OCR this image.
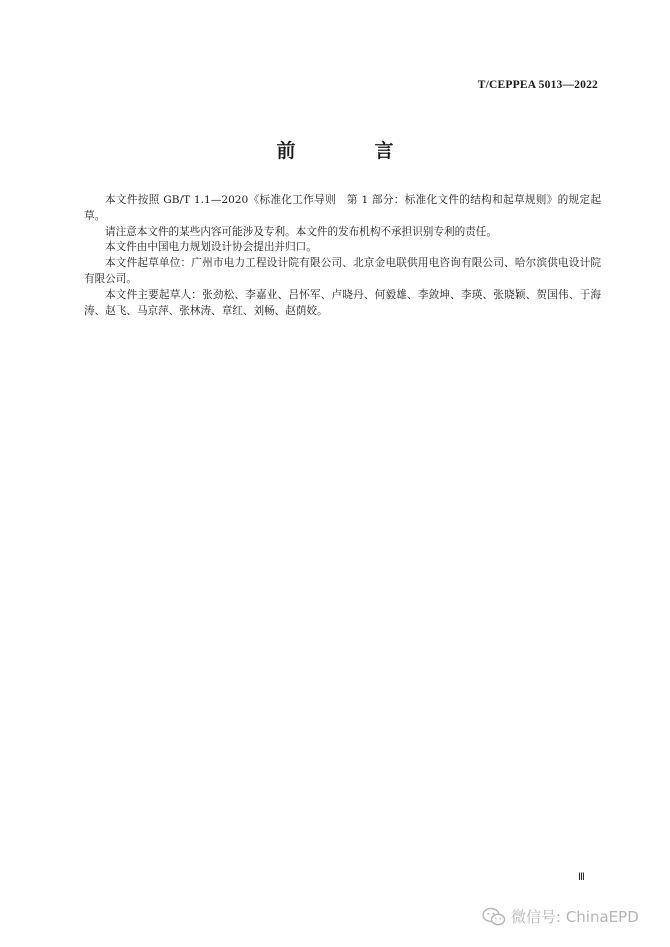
T/CEPPEA 5013—2022
前　言

本文件按照 GB/T 1.1—2020《标准化工作导则　第 1 部分：标准化文件的结构和起草规则》的规定起草。

请注意本文件的某些内容可能涉及专利。本文件的发布机构不承担识别专利的责任。

本文件由中国电力规划设计协会提出并归口。

本文件起草单位：广州市电力工程设计院有限公司、北京金电联供用电咨询有限公司、哈尔滨供电设计院有限公司。

本文件主要起草人：张劲松、李嘉业、吕怀军、卢晓丹、何毅雄、李敛坤、李瑛、张晓颖、贺国伟、于海涛、赵飞、马京萍、张林涛、章红、刘畅、赵荫姣。

Ⅲ
微信号: ChinaEPD
